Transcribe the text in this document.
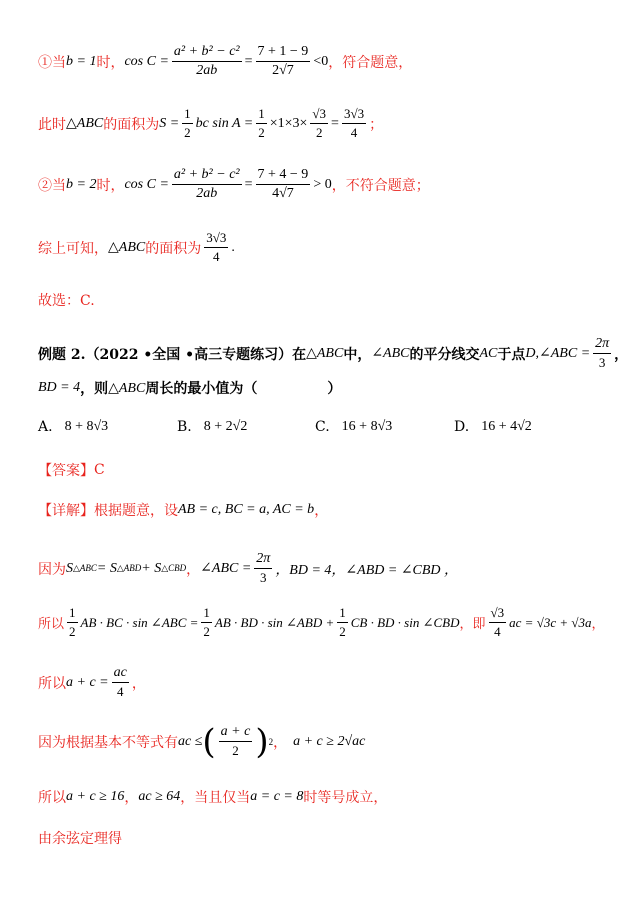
①当 b = 1 时， $\cos C = \frac{\text{a² + b² − c²}}{2ab} = \frac{7 + 1 - 9}{2√7} <0$ ，符合题意，
此时 △ABC 的面积为 $S = \frac{1}{2}$ bc $\sin A = \frac{1}{2} \times 1\times 3\times \frac{√3}{2} = \frac{3√3}{4}$ ；
②当 b = 2 时， $\cos C = \frac{\text{a² + b² − c²}}{2ab} = \frac{7 + 4 - 9}{4√7} > 0$ ，不符合题意；
综上可知， △ABC 的面积为 $\frac{3√3}{4}$ .
故选：C.
例题 2.（2022 •全国 •高三专题练习）在 △ABC 中， ∠ABC 的平分线交 AC 于点 D, ∠ABC = $\frac{2\pi}{3}$ ，
BD = 4 ，则 △ABC 周长的最小值为（	）
A. 8 + 8√3	B. 8 + 2√2	C. 16 + 8√3	D. 16 + 4√2
【答案】 C
【详解】 根据题意，设 AB = c, BC = a, AC = b ，
因为 S △ABC = S △ABD + S △CBD ， ∠ABC = $\frac{2\pi}{3}$ ，BD = 4 ，∠ABD = ∠CBD ，
所以 $\frac{1}{2}$ AB · BC · sin ∠ABC = $\frac{1}{2}$ AB · BD · sin ∠ABD + $\frac{1}{2}$ CB · BD · sin ∠CBD ，即 $\frac{√3}{4}$ ac = √3c + √3a ，
所以 $a + c = \frac{ac}{4}$ ，
因为根据基本不等式有 ac ≤ ( $\frac{a + c}{2}$ ) 2 ， a + c ≥ 2√ac
所以 a + c ≥ 16 ， ac ≥ 64 ，当且仅当 a = c = 8 时等号成立，
由余弦定理得
